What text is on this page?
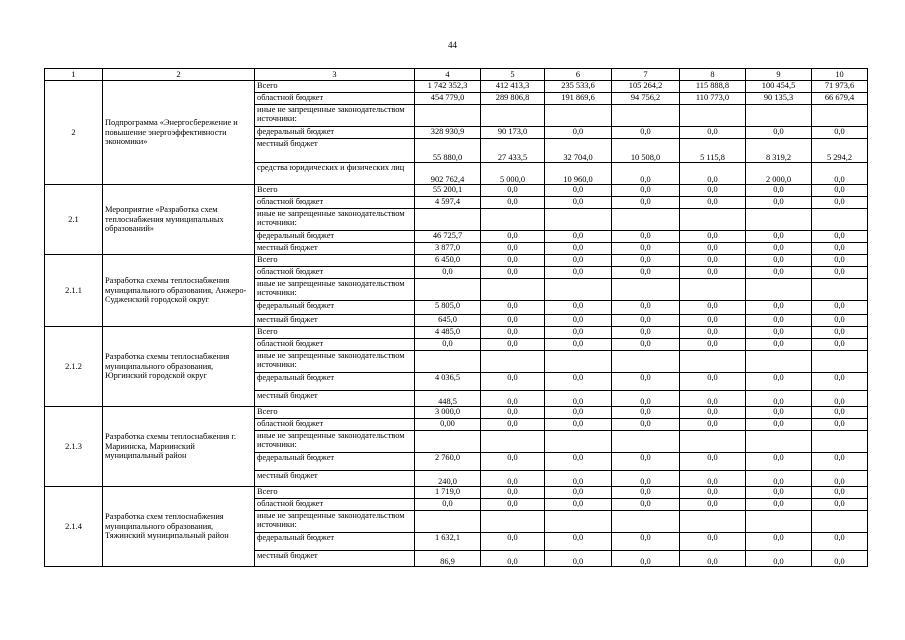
44
1	2	3	4	5	6	7	8	9	10
2	Подпрограмма «Энергосбережение и повышение энергоэффективности экономики»	Всего	1 742 352,3	412 413,3	235 533,6	105 264,2	115 888,8	100 454,5	71 973,6
		областной бюджет	454 779,0	289 806,8	191 869,6	94 756,2	110 773,0	90 135,3	66 679,4
		иные не запрещенные законодательством источники:							
		федеральный бюджет	328 930,9	90 173,0	0,0	0,0	0,0	0,0	0,0
		местный бюджет	55 880,0	27 433,5	32 704,0	10 508,0	5 115,8	8 319,2	5 294,2
		средства юридических и физических лиц	902 762,4	5 000,0	10 960,0	0,0	0,0	2 000,0	0,0
2.1	Мероприятие «Разработка схем теплоснабжения муниципальных образований»	Всего	55 200,1	0,0	0,0	0,0	0,0	0,0	0,0
		областной бюджет	4 597,4	0,0	0,0	0,0	0,0	0,0	0,0
		иные не запрещенные законодательством источники:							
		федеральный бюджет	46 725,7	0,0	0,0	0,0	0,0	0,0	0,0
		местный бюджет	3 877,0	0,0	0,0	0,0	0,0	0,0	0,0
2.1.1	Разработка схемы теплоснабжения муниципального образования, Анжеро-Судженский городской округ	Всего	6 450,0	0,0	0,0	0,0	0,0	0,0	0,0
		областной бюджет	0,0	0,0	0,0	0,0	0,0	0,0	0,0
		иные не запрещенные законодательством источники:							
		федеральный бюджет	5 805,0	0,0	0,0	0,0	0,0	0,0	0,0
		местный бюджет	645,0	0,0	0,0	0,0	0,0	0,0	0,0
2.1.2	Разработка схемы теплоснабжения муниципального образования, Юргинский городской округ	Всего	4 485,0	0,0	0,0	0,0	0,0	0,0	0,0
		областной бюджет	0,0	0,0	0,0	0,0	0,0	0,0	0,0
		иные не запрещенные законодательством источники:							
		федеральный бюджет	4 036,5	0,0	0,0	0,0	0,0	0,0	0,0
		местный бюджет	448,5	0,0	0,0	0,0	0,0	0,0	0,0
2.1.3	Разработка схемы теплоснабжения г. Мариинска, Мариинский муниципальный район	Всего	3 000,0	0,0	0,0	0,0	0,0	0,0	0,0
		областной бюджет	0,00	0,0	0,0	0,0	0,0	0,0	0,0
		иные не запрещенные законодательством источники:							
		федеральный бюджет	2 760,0	0,0	0,0	0,0	0,0	0,0	0,0
		местный бюджет	240,0	0,0	0,0	0,0	0,0	0,0	0,0
2.1.4	Разработка схем теплоснабжения муниципального образования, Тяжинский муниципальный район	Всего	1 719,0	0,0	0,0	0,0	0,0	0,0	0,0
		областной бюджет	0,0	0,0	0,0	0,0	0,0	0,0	0,0
		иные не запрещенные законодательством источники:							
		федеральный бюджет	1 632,1	0,0	0,0	0,0	0,0	0,0	0,0
		местный бюджет	86,9	0,0	0,0	0,0	0,0	0,0	0,0
